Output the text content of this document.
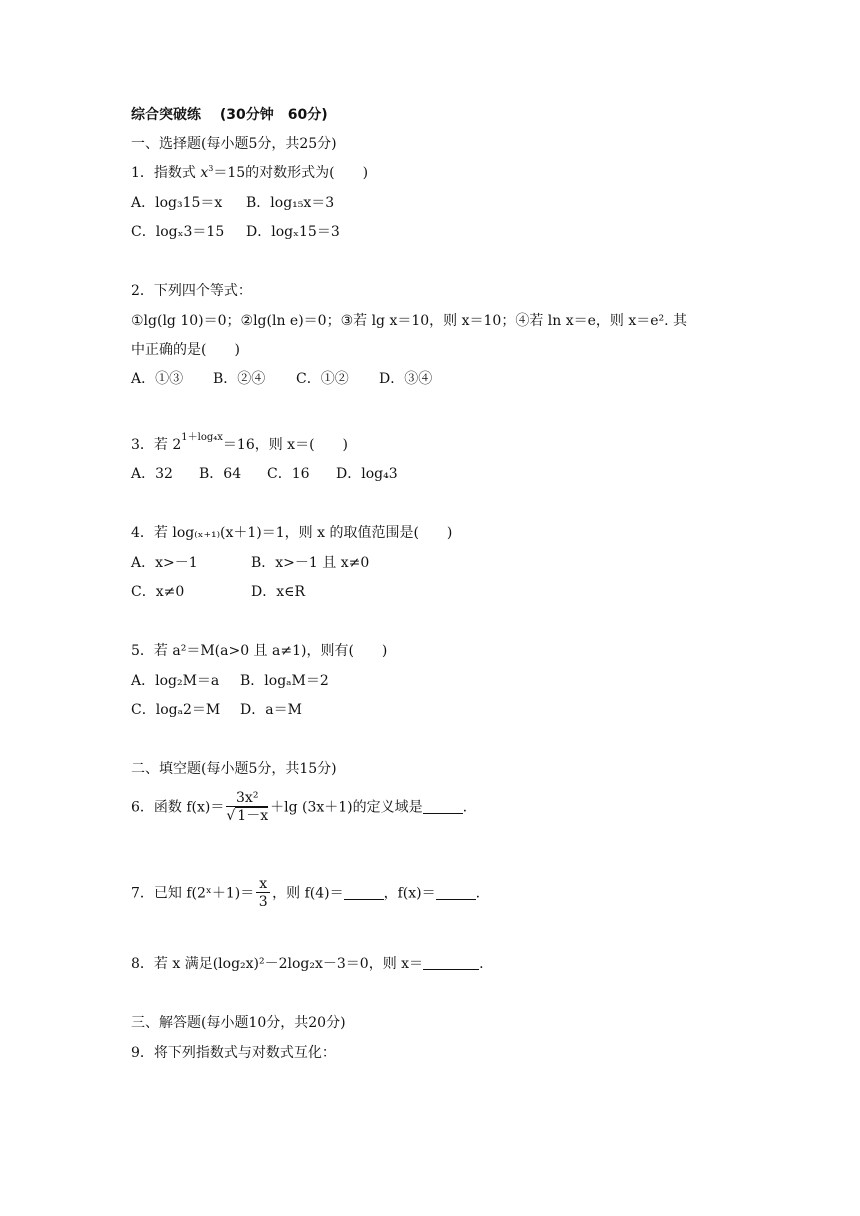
综合突破练 (30分钟　60分)
一、选择题(每小题5分，共25分)
1．指数式 $x^3=15$的对数形式为(　　)
A．log₃15＝x B．log₁₅x＝3
C．logₓ3＝15 D．logₓ15＝3
2．下列四个等式：
①lg(lg 10)＝0；②lg(ln e)＝0；③若 lg x＝10，则 x＝10；④若 ln x＝e，则 x＝e². 其
中正确的是(　　)
A．①③ B．②④ C．①② D．③④
3．若 $2^{1+log_4x}=16$，则 x＝(　　)
A．32 B．64 C．16 D．log₄3
4．若 log₍ₓ₊₁₎(x＋1)＝1，则 x 的取值范围是(　　)
A．x>－1	B．x>－1 且 x≠0
C．x≠0	D．x∈R
5．若 a²＝M(a>0 且 a≠1)，则有(　　)
A．log₂M＝a B．logₐM＝2
C．logₐ2＝M D．a＝M
二、填空题(每小题5分，共15分)
6．函数 $f(x)= \frac{\text{3x²}}{√ 1-x} +\lg$ (3x＋1)的定义域是	.
7．已知 f(2ˣ＋1)＝ $\frac{x}{3}$ ，则 f(4)＝	，f(x)＝	.
8．若 x 满足(log₂x)²－2log₂x－3＝0，则 x＝	.
三、解答题(每小题10分，共20分)
9．将下列指数式与对数式互化：
